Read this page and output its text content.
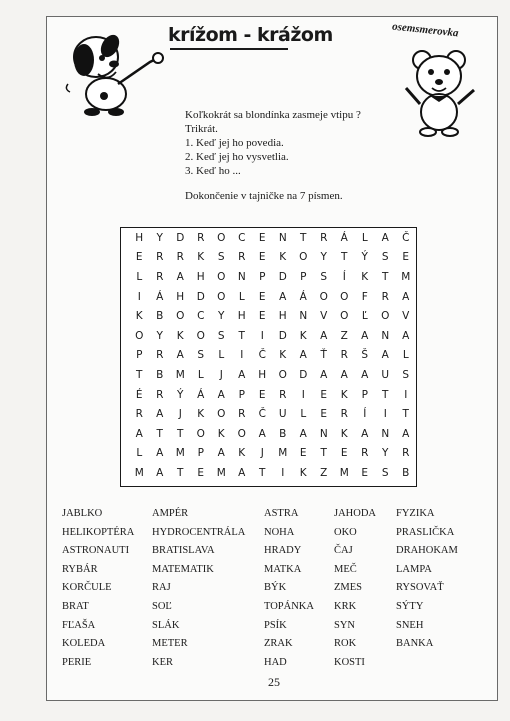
krížom - krážom	osemsmerovka
Koľkokrát sa blondínka zasmeje vtipu ?
Trikrát.
1. Keď jej ho povedia.
2. Keď jej ho vysvetlia.
3. Keď ho ...
Dokončenie v tajničke na 7 písmen.
H	Y	D	R	O	C	E	N	T	R	Á	L	A	Č
E	R	R	K	S	R	E	K	O	Y	T	Ý	S	E
L	R	A	H	O	N	P	D	P	S	Í	K	T	M
I	Á	H	D	O	L	E	A	Á	O	O	F	R	A
K	B	O	C	Y	H	E	H	N	V	O	Ľ	O	V
O	Y	K	O	S	T	I	D	K	A	Z	A	N	A
P	R	A	S	L	I	Č	K	A	Ť	R	Š	A	L
T	B	M	L	J	A	H	O	D	A	A	A	U	S
É	R	Ý	Á	A	P	E	R	I	E	K	P	T	I
R	A	J	K	O	R	Č	U	L	E	R	Í	I	T
A	T	T	O	K	O	A	B	A	N	K	A	N	A
L	A	M	P	A	K	J	M	E	T	E	R	Y	R
M	A	T	E	M	A	T	I	K	Z	M	E	S	B
JABLKO
HELIKOPTÉRA
ASTRONAUTI
RYBÁR
KORČULE
BRAT
FĽAŠA
KOLEDA
PERIE
AMPÉR
HYDROCENTRÁLA
BRATISLAVA
MATEMATIK
RAJ
SOĽ
SLÁK
METER
KER
ASTRA
NOHA
HRADY
MATKA
BÝK
TOPÁNKA
PSÍK
ZRAK
HAD
JAHODA
OKO
ČAJ
MEČ
ZMES
KRK
SYN
ROK
KOSTI
FYZIKA
PRASLIČKA
DRAHOKAM
LAMPA
RYSOVAŤ
SÝTY
SNEH
BANKA
25
